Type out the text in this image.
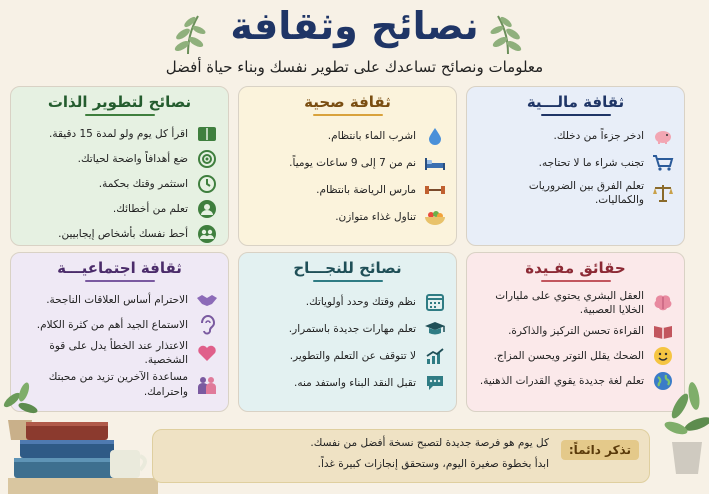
نصائح وثقافة
معلومات ونصائح تساعدك على تطوير نفسك وبناء حياة أفضل
ثقافة مالـــية
ادخر جزءاً من دخلك.
تجنب شراء ما لا تحتاجه.
تعلم الفرق بين الضروريات والكماليات.
ثقافة صحية
اشرب الماء بانتظام.
نم من 7 إلى 9 ساعات يومياً.
مارس الرياضة بانتظام.
تناول غذاء متوازن.
نصائح لتطوير الذات
اقرأ كل يوم ولو لمدة 15 دقيقة.
ضع أهدافاً واضحة لحياتك.
استثمر وقتك بحكمة.
تعلم من أخطائك.
أحط نفسك بأشخاص إيجابيين.
حقائق مفـيدة
العقل البشري يحتوي على مليارات الخلايا العصبية.
القراءة تحسن التركيز والذاكرة.
الضحك يقلل التوتر ويحسن المزاج.
تعلم لغة جديدة يقوي القدرات الذهنية.
نصائح للنجـــاح
نظم وقتك وحدد أولوياتك.
تعلم مهارات جديدة باستمرار.
لا تتوقف عن التعلم والتطوير.
تقبل النقد البناء واستفد منه.
ثقافة اجتماعيـــة
الاحترام أساس العلاقات الناجحة.
الاستماع الجيد أهم من كثرة الكلام.
الاعتذار عند الخطأ يدل على قوة الشخصية.
مساعدة الآخرين تزيد من محبتك واحترامك.
تذكر دائماً:
كل يوم هو فرصة جديدة لتصبح نسخة أفضل من نفسك.
ابدأ بخطوة صغيرة اليوم، وستحقق إنجازات كبيرة غداً.
